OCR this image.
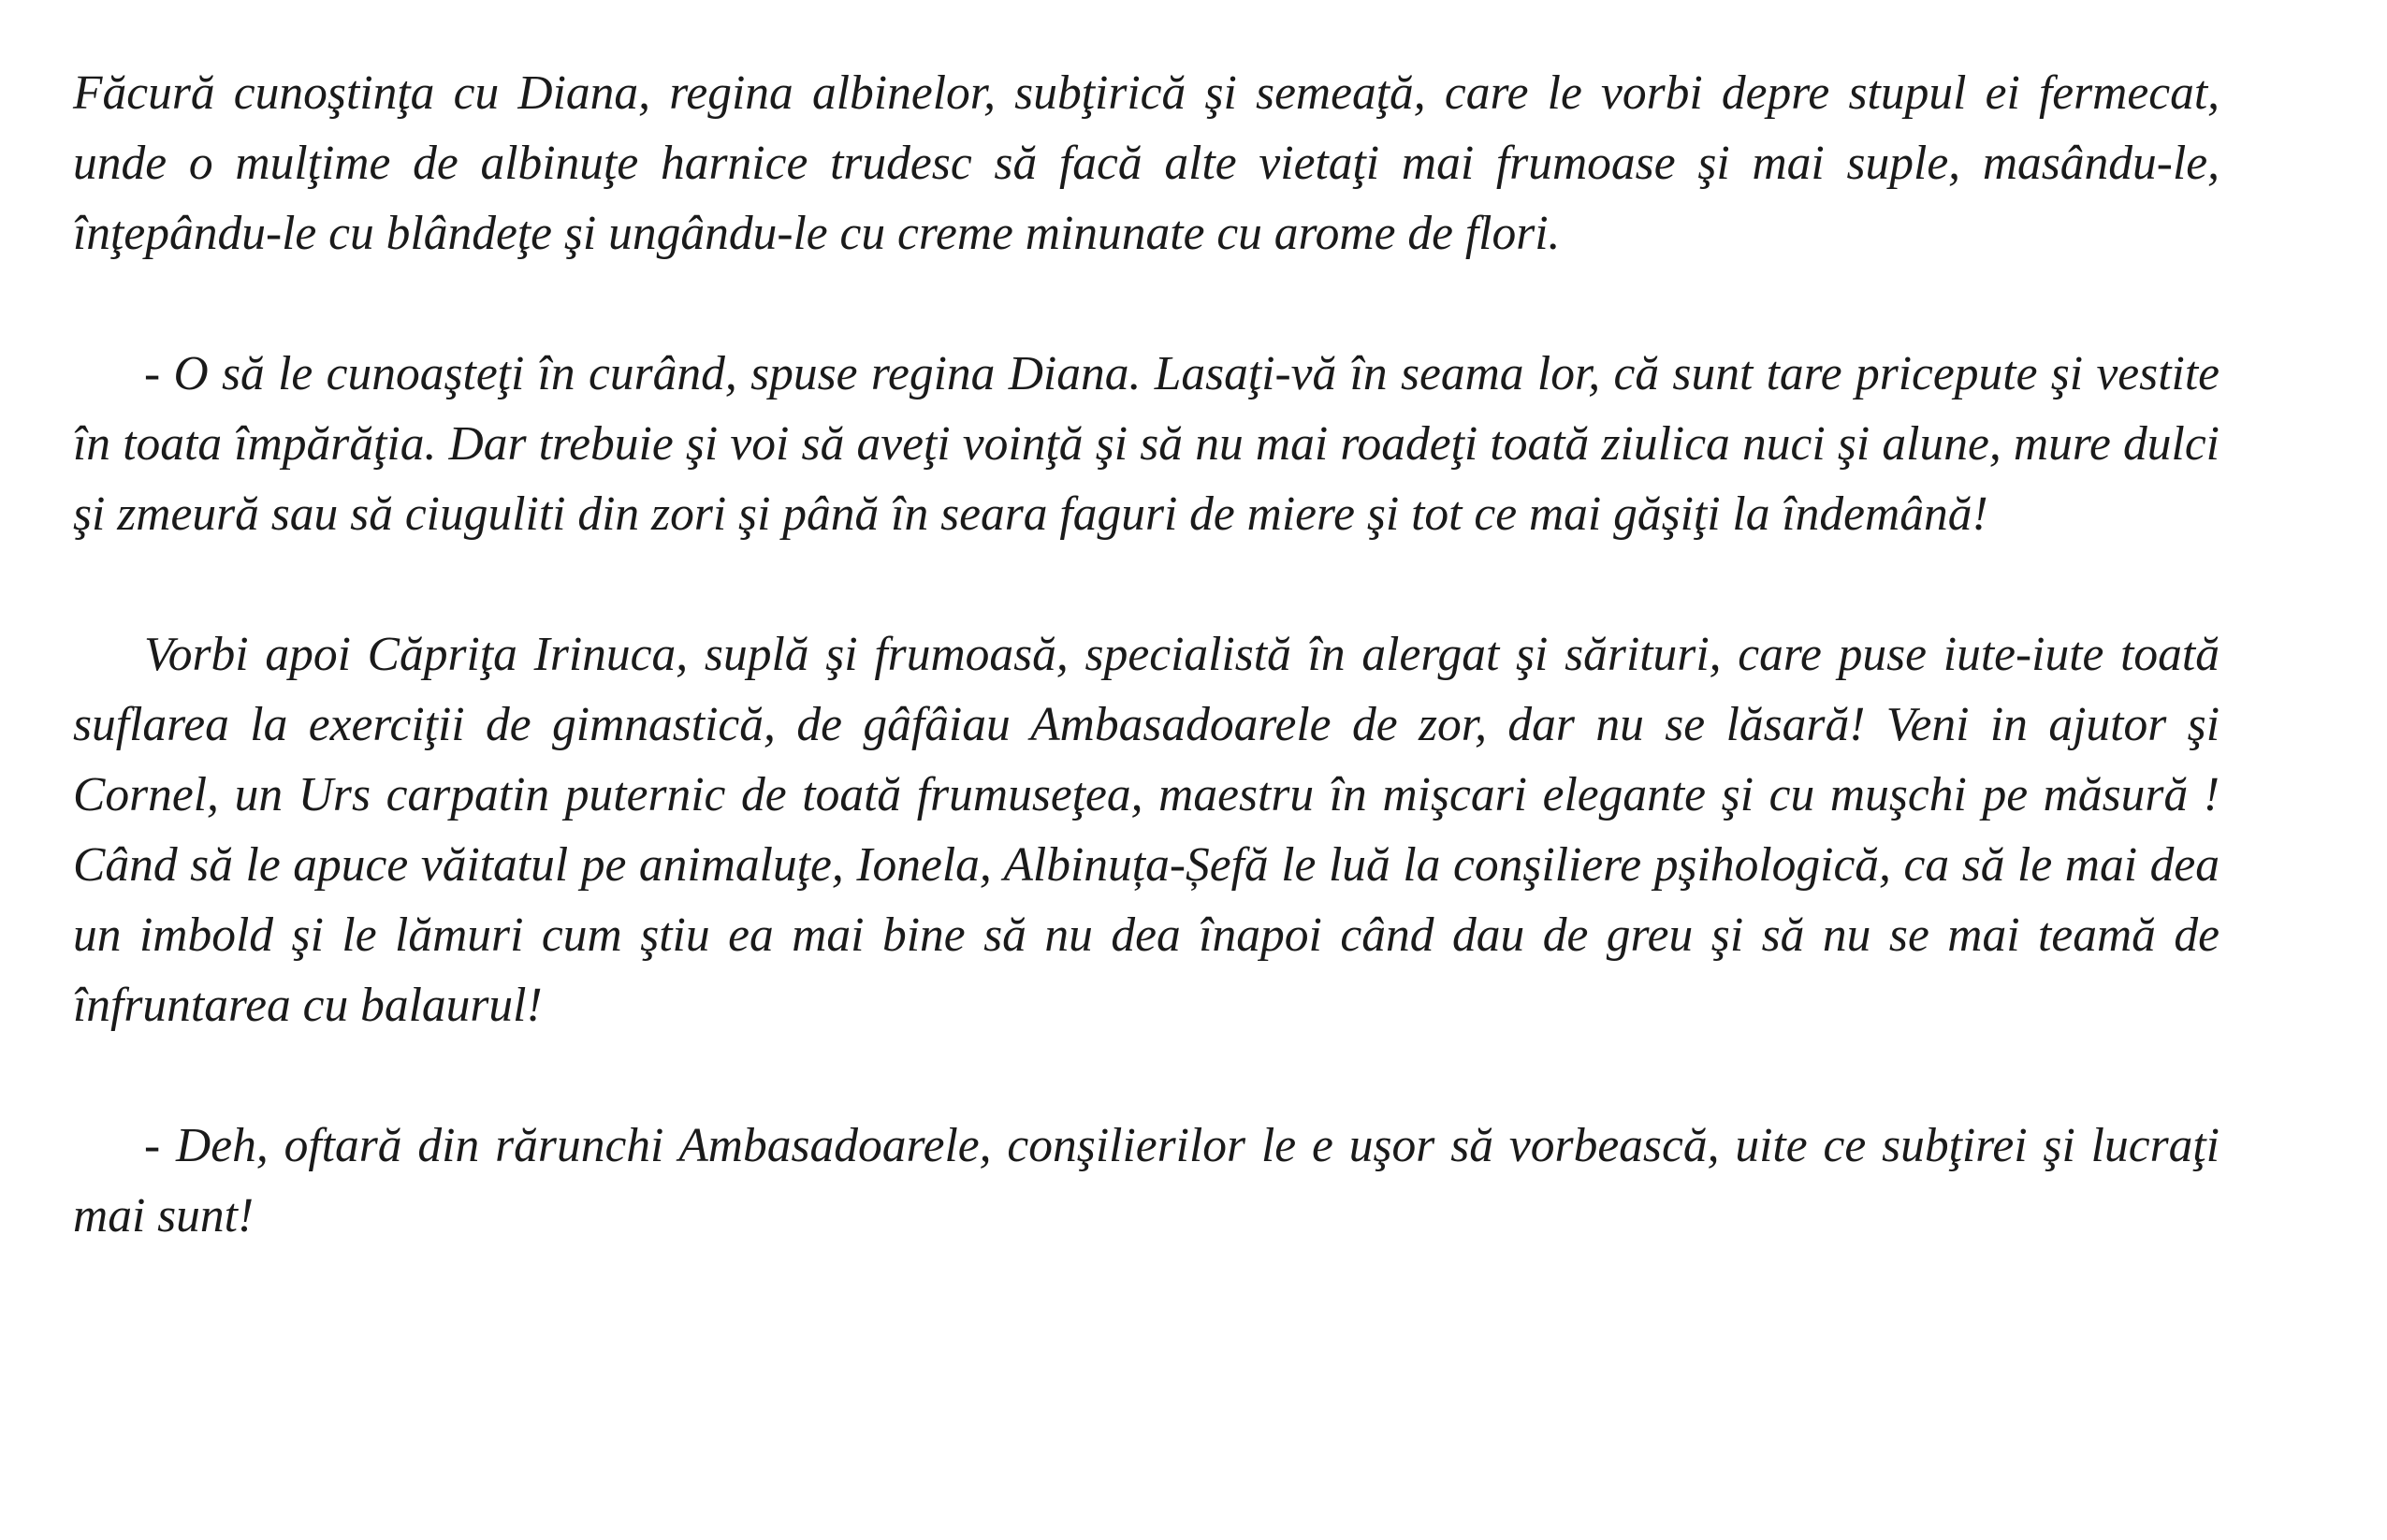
Făcură cunoştinţa cu Diana, regina albinelor, subţirică şi semeaţă, care le vorbi depre stupul ei fermecat, unde o mulţime de albinuţe harnice trudesc să facă alte vietaţi mai frumoase şi mai suple, masându-le, înţepându-le cu blândeţe şi ungându-le cu creme minunate cu arome de flori.

- O să le cunoaşteţi în curând, spuse regina Diana. Lasaţi-vă în seama lor, că sunt tare pricepute şi vestite în toata împărăţia. Dar trebuie şi voi să aveţi voinţă şi să nu mai roadeţi toată ziulica nuci şi alune, mure dulci şi zmeură sau să ciuguliti din zori şi până în seara faguri de miere şi tot ce mai găşiţi la îndemână!

Vorbi apoi Căpriţa Irinuca, suplă şi frumoasă, specialistă în alergat şi sărituri, care puse iute-iute toată suflarea la exerciţii de gimnastică, de gâfâiau Ambasadoarele de zor, dar nu se lăsară! Veni in ajutor şi Cornel, un Urs carpatin puternic de toată frumuseţea, maestru în mişcari elegante şi cu muşchi pe măsură ! Când să le apuce văitatul pe animaluţe, Ionela, Albinuța-Șefă le luă la conşiliere pşihologică, ca să le mai dea un imbold şi le lămuri cum ştiu ea mai bine să nu dea înapoi când dau de greu şi să nu se mai teamă de înfruntarea cu balaurul!

- Deh, oftară din rărunchi Ambasadoarele, conşilierilor le e uşor să vorbească, uite ce subţirei şi lucraţi mai sunt!
